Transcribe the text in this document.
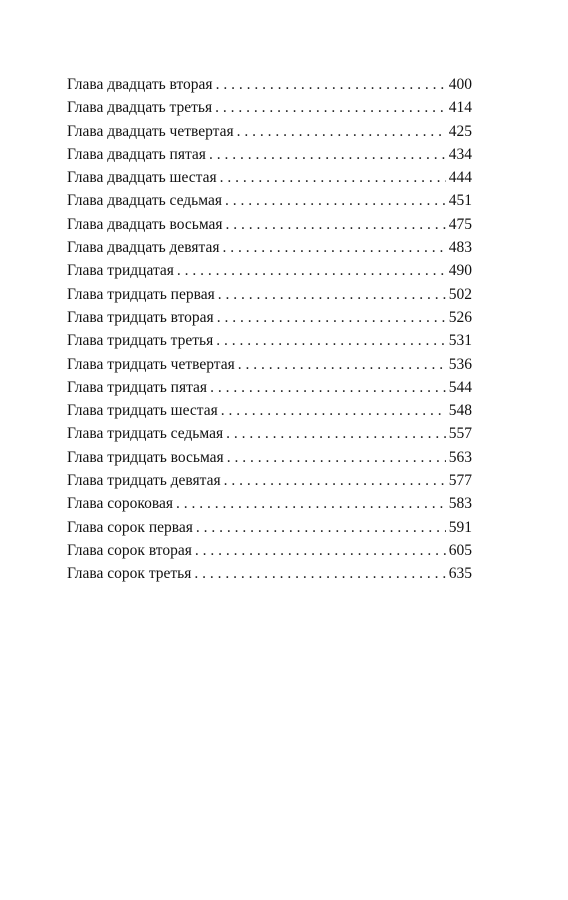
Глава двадцать вторая . . .	400
Глава двадцать третья . . .	414
Глава двадцать четвертая . . .	425
Глава двадцать пятая . . .	434
Глава двадцать шестая . . .	444
Глава двадцать седьмая . . .	451
Глава двадцать восьмая . . .	475
Глава двадцать девятая . . .	483
Глава тридцатая . . .	490
Глава тридцать первая . . .	502
Глава тридцать вторая . . .	526
Глава тридцать третья . . .	531
Глава тридцать четвертая . . .	536
Глава тридцать пятая . . .	544
Глава тридцать шестая . . .	548
Глава тридцать седьмая . . .	557
Глава тридцать восьмая . . .	563
Глава тридцать девятая . . .	577
Глава сороковая . . .	583
Глава сорок первая . . .	591
Глава сорок вторая . . .	605
Глава сорок третья . . .	635
